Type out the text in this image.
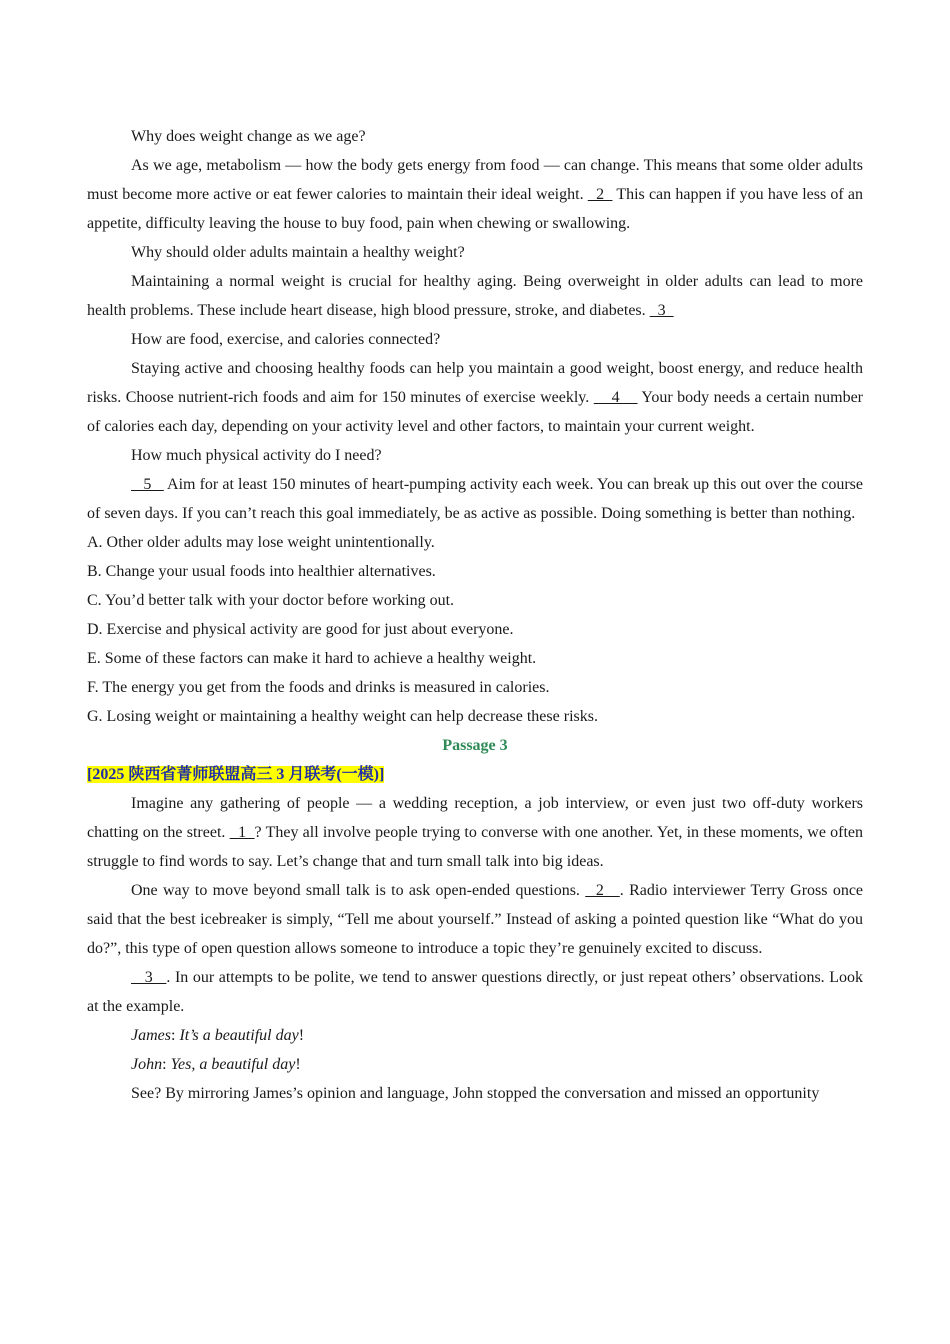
Why does weight change as we age?

As we age, metabolism — how the body gets energy from food — can change. This means that some older adults must become more active or eat fewer calories to maintain their ideal weight.   2   This can happen if you have less of an appetite, difficulty leaving the house to buy food, pain when chewing or swallowing.

Why should older adults maintain a healthy weight?

Maintaining a normal weight is crucial for healthy aging. Being overweight in older adults can lead to more health problems. These include heart disease, high blood pressure, stroke, and diabetes.   3

How are food, exercise, and calories connected?

Staying active and choosing healthy foods can help you maintain a good weight, boost energy, and reduce health risks. Choose nutrient-rich foods and aim for 150 minutes of exercise weekly.     4     Your body needs a certain number of calories each day, depending on your activity level and other factors, to maintain your current weight.

How much physical activity do I need?

5    Aim for at least 150 minutes of heart-pumping activity each week. You can break up this out over the course of seven days. If you can’t reach this goal immediately, be as active as possible. Doing something is better than nothing.

A. Other older adults may lose weight unintentionally.

B. Change your usual foods into healthier alternatives.

C. You’d better talk with your doctor before working out.

D. Exercise and physical activity are good for just about everyone.

E. Some of these factors can make it hard to achieve a healthy weight.

F. The energy you get from the foods and drinks is measured in calories.

G. Losing weight or maintaining a healthy weight can help decrease these risks.

Passage 3

[2025 陕西省菁师联盟高三 3 月联考(一模)]

Imagine any gathering of people — a wedding reception, a job interview, or even just two off-duty workers chatting on the street.   1  ? They all involve people trying to converse with one another. Yet, in these moments, we often struggle to find words to say. Let’s change that and turn small talk into big ideas.

One way to move beyond small talk is to ask open-ended questions.   2   . Radio interviewer Terry Gross once said that the best icebreaker is simply, “Tell me about yourself.” Instead of asking a pointed question like “What do you do?”, this type of open question allows someone to introduce a topic they’re genuinely excited to discuss.

3   . In our attempts to be polite, we tend to answer questions directly, or just repeat others’ observations. Look at the example.

James: It’s a beautiful day!

John: Yes, a beautiful day!

See? By mirroring James’s opinion and language, John stopped the conversation and missed an opportunity
